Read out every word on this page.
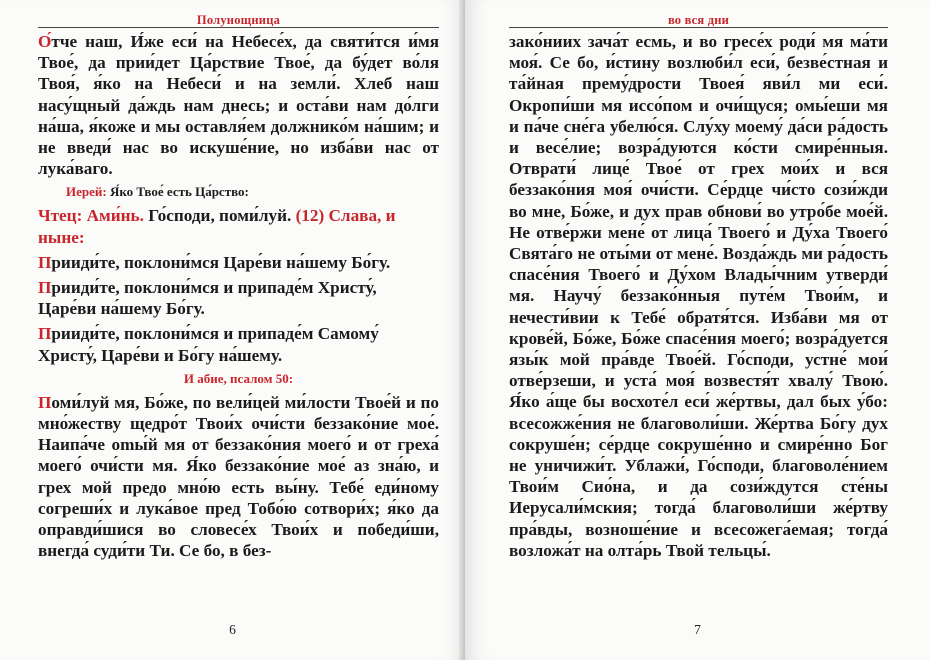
Полунощница

О́тче наш, И́же еси́ на Небесе́х, да святи́тся и́мя Твое́, да прии́дет Ца́рствие Твое́, да бу́дет во́ля Твоя́, я́ко на Небеси́ и на земли́. Хлеб наш насу́щный да́ждь нам днесь; и оста́ви нам до́лги на́ша, я́коже и мы оставля́ем должнико́м на́шим; и не введи́ нас во искуше́ние, но изба́ви нас от лука́ваго.

Иерей: Я́ко Твое́ есть Ца́рство:

Чтец: Ами́нь. Го́споди, поми́луй. (12) Слава, и ныне:

Прииди́те, поклони́мся Царе́ви на́шему Бо́гу.

Прииди́те, поклони́мся и припаде́м Христу́, Царе́ви на́шему Бо́гу.

Прииди́те, поклони́мся и припаде́м Самому́ Христу́, Царе́ви и Бо́гу на́шему.

И абие, псалом 50:

Поми́луй мя, Бо́же, по вели́цей ми́лости Твое́й и по мно́жеству щедро́т Твои́х очи́сти беззако́ние мое́. Наипа́че omы́й мя от беззако́ния моего́ и от греха́ моего́ очи́сти мя. Я́ко беззако́ние мое́ аз зна́ю, и грех мой предо мно́ю есть вы́ну. Тебе́ еди́ному согреши́х и лука́вое пред Тобо́ю сотвори́х; я́ко да оправди́шися во словесе́х Твои́х и победи́ши, внегда́ суди́ти Ти. Се бо, в без-

6
во вся дни

зако́ниих зача́т есмь, и во гресе́х роди́ мя ма́ти моя́. Се бо, и́стину возлюби́л еси́, безве́стная и та́йная прему́дрости Твоея́ яви́л ми еси́. Окропи́ши мя иссо́пом и очи́щуся; омы́еши мя и па́че сне́га убелю́ся. Слу́ху моему́ да́си ра́дость и весе́лие; возра́дуются ко́сти смире́нныя. Отврати́ лице́ Твое́ от грех мои́х и вся беззако́ния моя́ очи́сти. Се́рдце чи́сто сози́жди во мне, Бо́же, и дух прав обнови́ во утро́бе мое́й. Не отве́ржи мене́ от лица́ Твоего́ и Ду́ха Твоего́ Свята́го не оты́ми от мене́. Возда́ждь ми ра́дость спасе́ния Твоего́ и Ду́хом Влады́чним утверди́ мя. Научу́ беззако́нныя путе́м Твои́м, и нечести́вии к Тебе́ обратя́тся. Изба́ви мя от крове́й, Бо́же, Бо́же спасе́ния моего́; возра́дуется язы́к мой пра́вде Твое́й. Го́споди, устне́ мои́ отве́рзеши, и уста́ моя́ возвестя́т хвалу́ Твою́. Я́ко а́ще бы восхоте́л еси́ же́ртвы, дал бых у́бо: всесожже́ния не благоволи́ши. Же́ртва Бо́гу дух сокруше́н; се́рдце сокруше́нно и смире́нно Бог не уничижи́т. Ублажи́, Го́споди, благоволе́нием Твои́м Сио́на, и да сози́ждутся сте́ны Иерусали́мския; тогда́ благоволи́ши же́ртву пра́вды, возноше́ние и всесожега́емая; тогда́ возложа́т на олта́рь Твой тельцы́.

7
